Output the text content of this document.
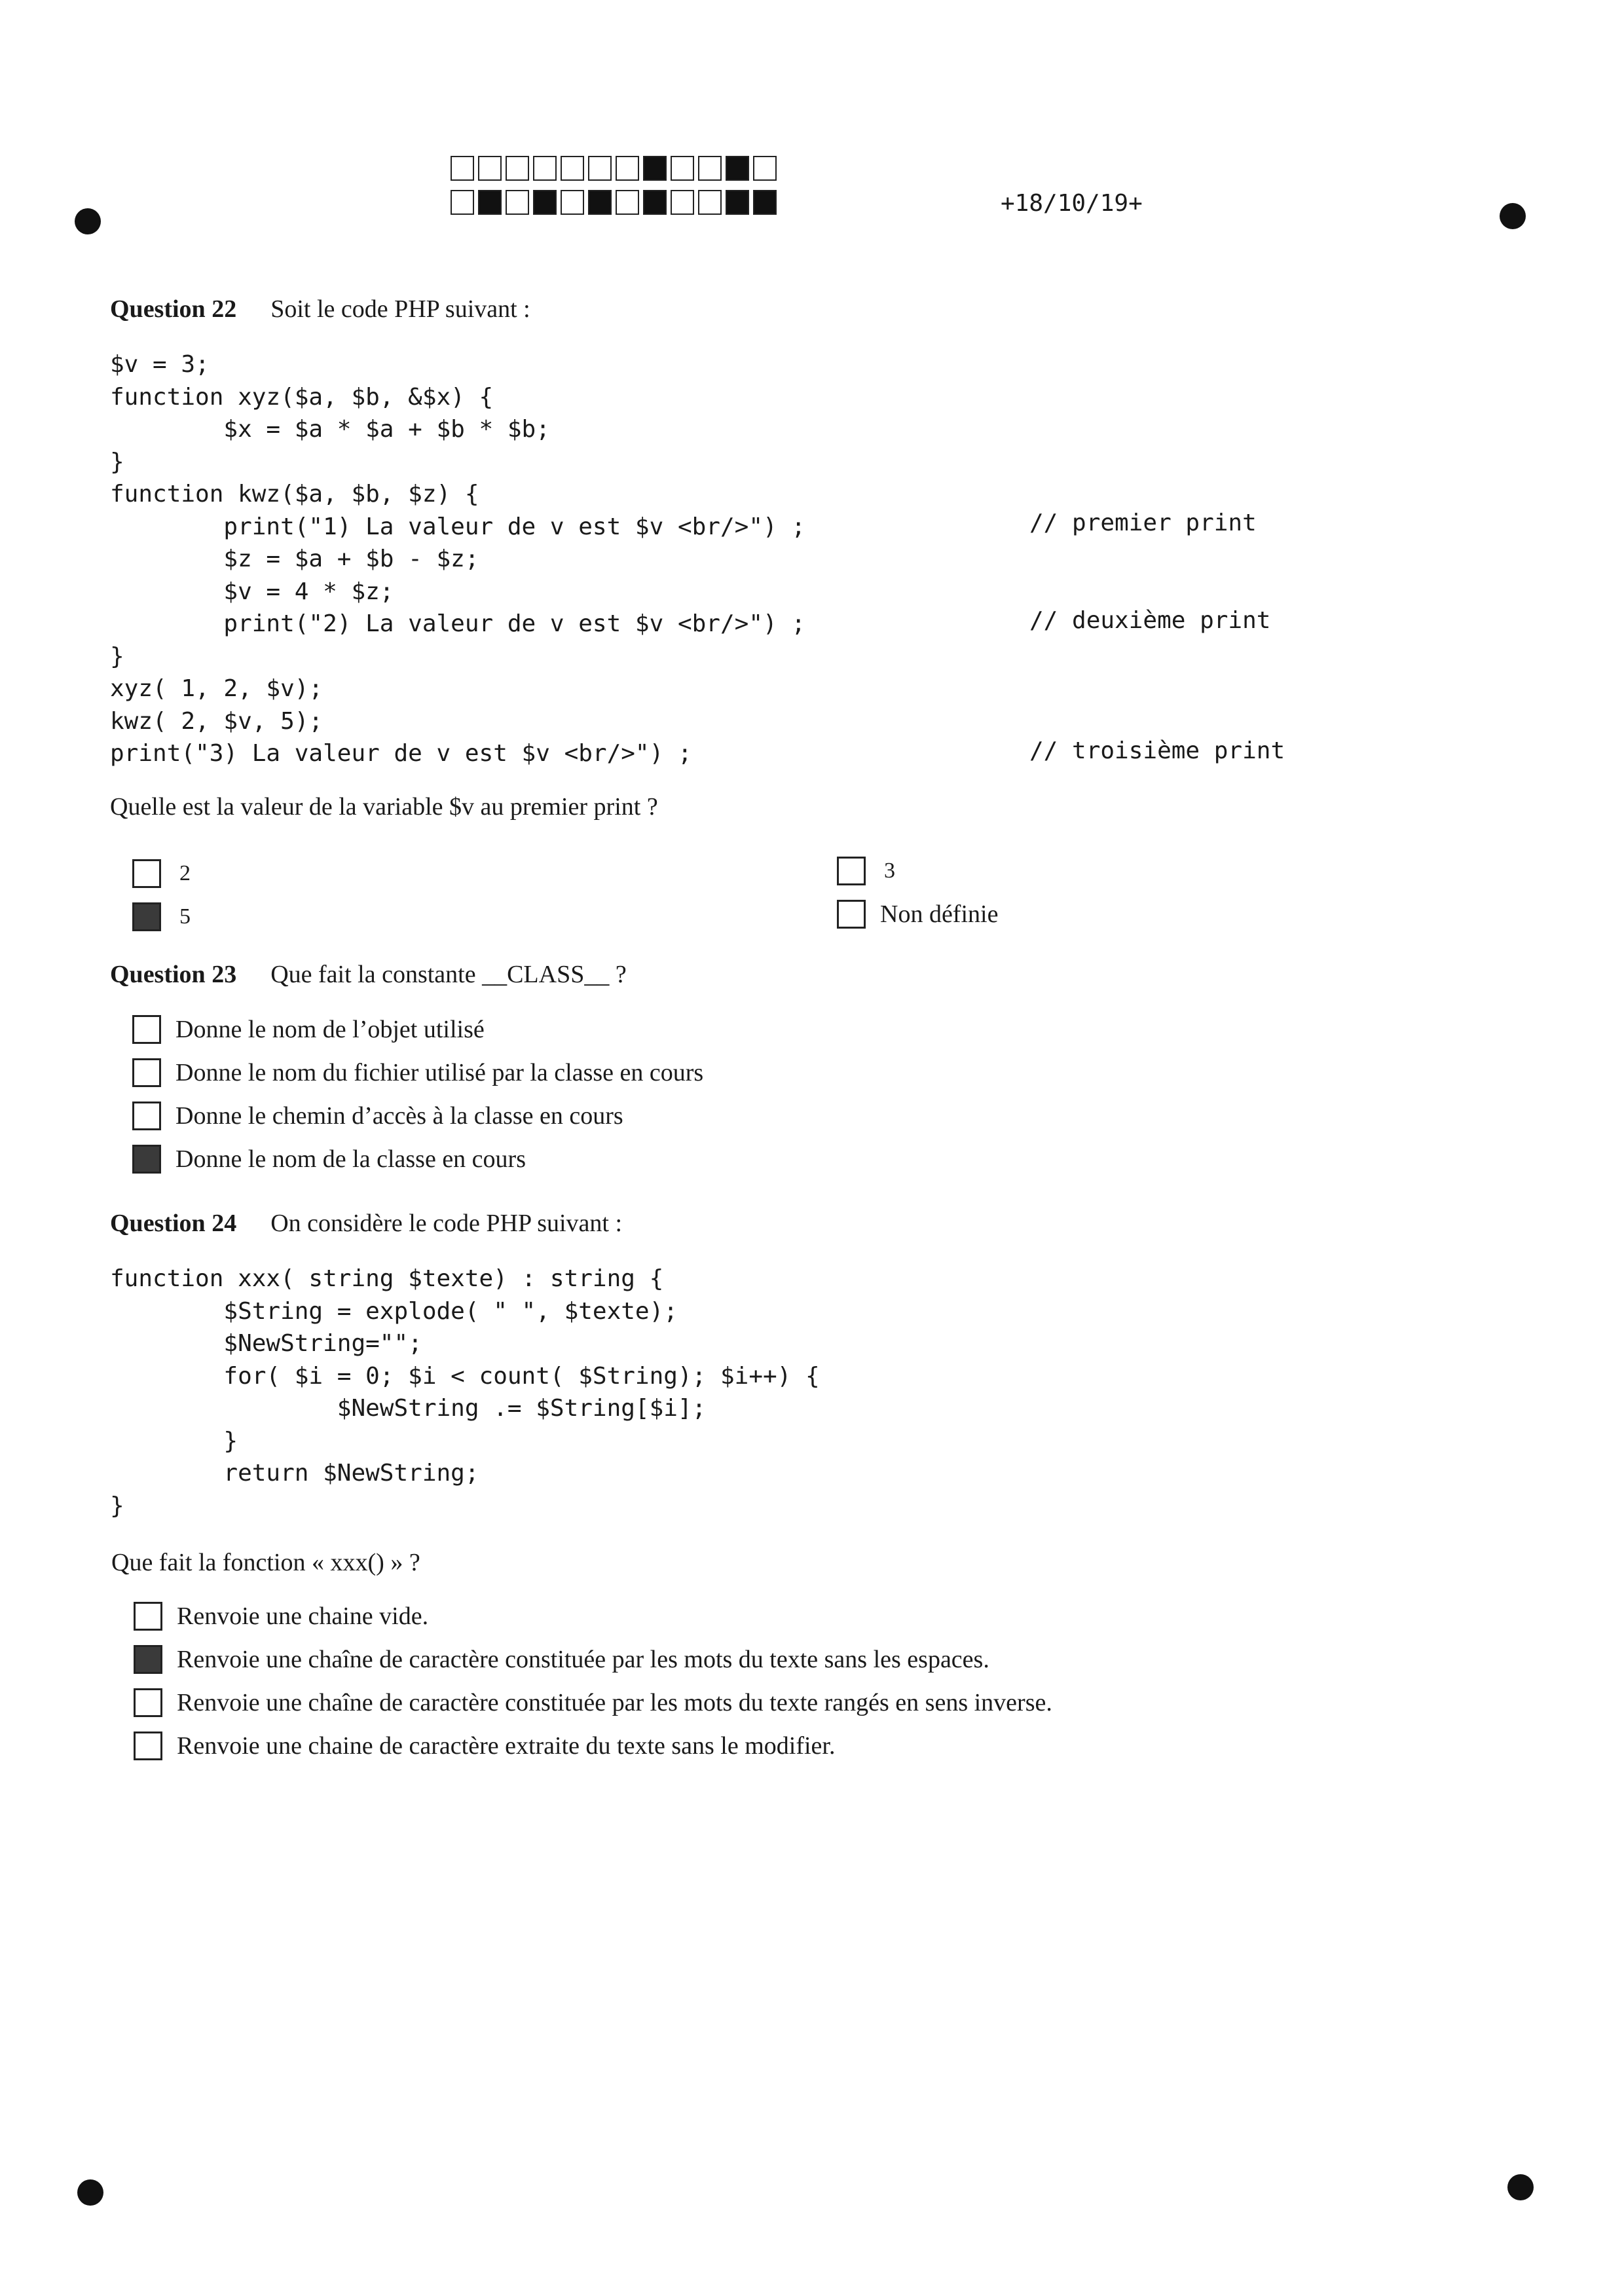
+18/10/19+
Question 22 Soit le code PHP suivant :
$v = 3;
function xyz($a, $b, &$x) {
$x = $a * $a + $b * $b;
}
function kwz($a, $b, $z) {
print("1) La valeur de v est $v <br/>") ;
$z = $a + $b - $z;
$v = 4 * $z;
print("2) La valeur de v est $v <br/>") ;
}
xyz( 1, 2, $v);
kwz( 2, $v, 5);
print("3) La valeur de v est $v <br/>") ;
// premier print
// deuxième print
// troisième print
Quelle est la valeur de la variable $v au premier print ?
2	3
5	Non définie
Question 23 Que fait la constante __CLASS__ ?
Donne le nom de l’objet utilisé
Donne le nom du fichier utilisé par la classe en cours
Donne le chemin d’accès à la classe en cours
Donne le nom de la classe en cours
Question 24 On considère le code PHP suivant :
function xxx( string $texte) : string {
$String = explode( " ", $texte);
$NewString="";
for( $i = 0; $i < count( $String); $i++) {
$NewString .= $String[$i];
}
return $NewString;
}
Que fait la fonction « xxx() » ?
Renvoie une chaine vide.
Renvoie une chaîne de caractère constituée par les mots du texte sans les espaces.
Renvoie une chaîne de caractère constituée par les mots du texte rangés en sens inverse.
Renvoie une chaine de caractère extraite du texte sans le modifier.
